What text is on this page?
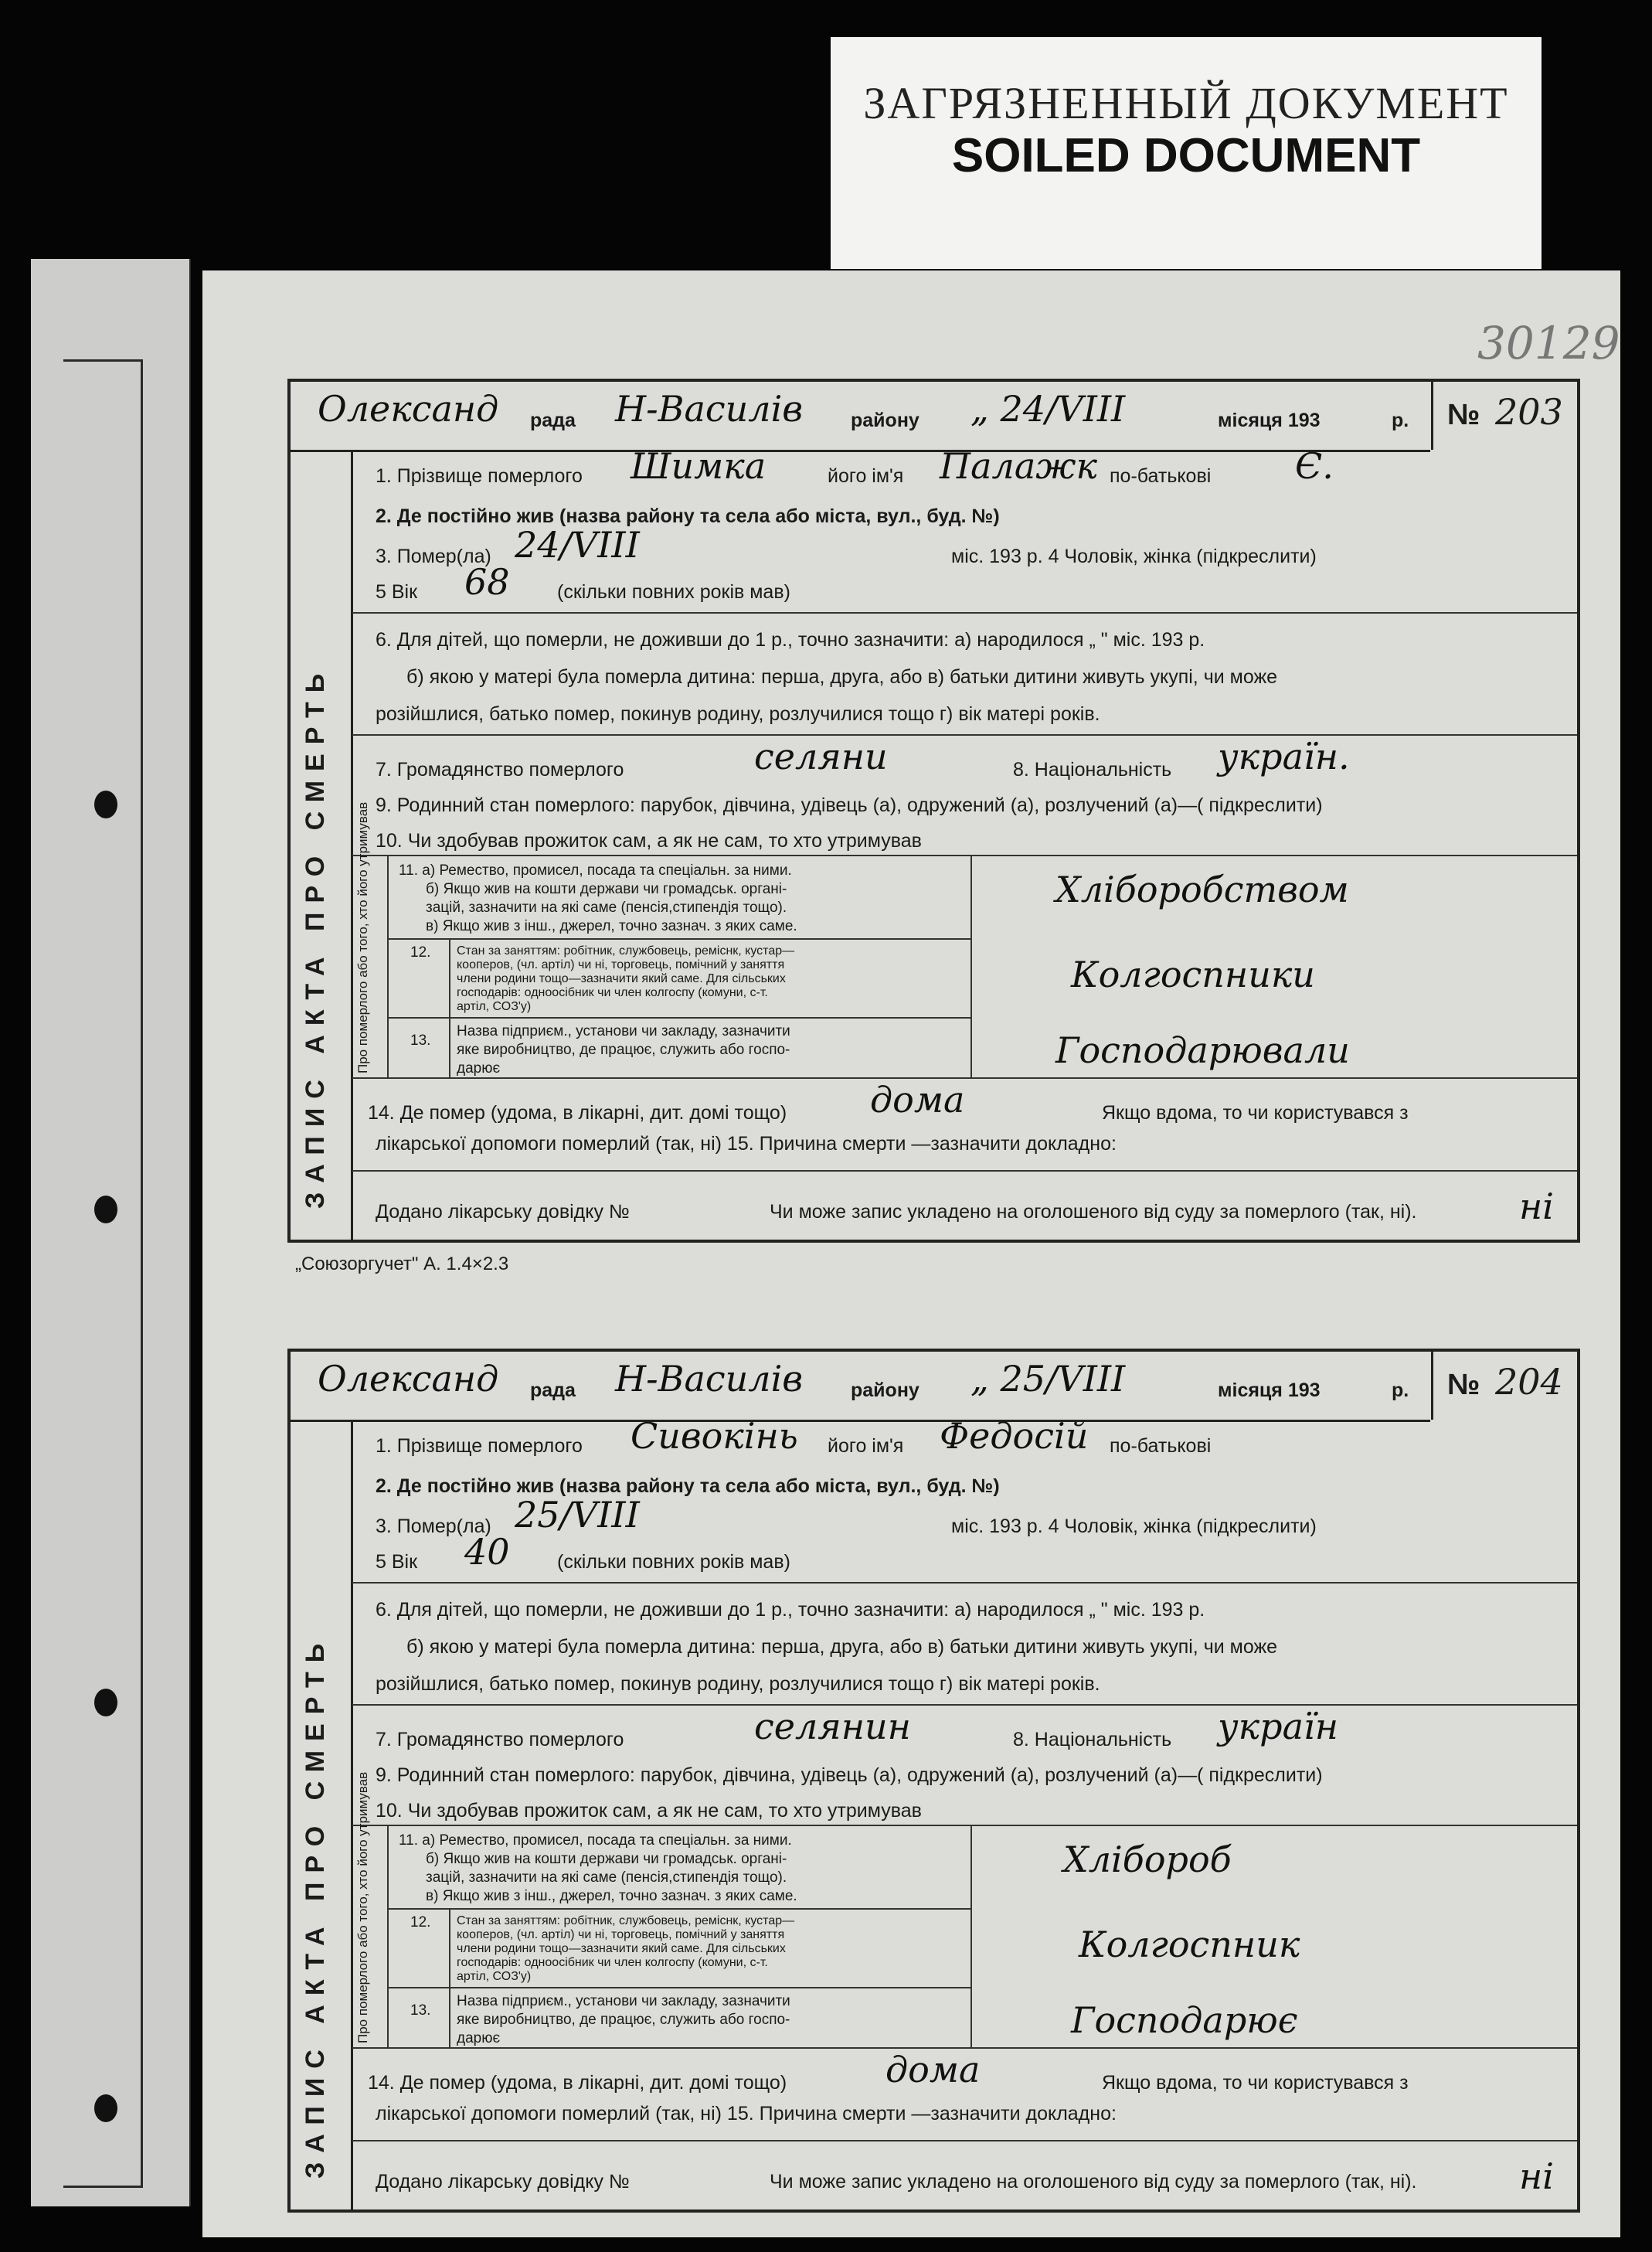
ЗАГРЯЗНЕННЫЙ ДОКУМЕНТ
SOILED DOCUMENT
30129
Олександ рада Н-Василів району „ 24/VIII	місяця 193	р. № 203
ЗАПИС АКТА ПРО СМЕРТЬ
1. Прізвище померлого Шимка	його ім'я Палажк по-батькові Є.
2. Де постійно жив (назва району та села або міста, вул., буд. №)
3. Помер(ла) 24/VIII	міс. 193 р. 4 Чоловік, жінка (підкреслити)
5 Вік 68 (скільки повних років мав)
6. Для дітей, що померли, не доживши до 1 р., точно зазначити: а) народилося „ " міс. 193 р.
б) якою у матері була померла дитина: перша, друга, або в) батьки дитини живуть укупі, чи може
розійшлися, батько помер, покинув родину, розлучилися тощо г) вік матері років.
7. Громадянство померлого	селяни	8. Національність україн.
9. Родинний стан померлого: парубок, дівчина, удівець (а), одружений (а), розлучений (а)—( підкреслити)
10. Чи здобував прожиток сам, а як не сам, то хто утримував
Про померлого або того, хто його утримував 11. а) Ремество, промисел, посада та спеціальн. за ними.
б) Якщо жив на кошти держави чи громадськ. органі-
зацій, зазначити на які саме (пенсія,стипендія тощо).
в) Якщо жив з інш., джерел, точно зазнач. з яких саме.
Хліборобством
12. Стан за заняттям: робітник, службовець, реміснк, кустар—
кооперов, (чл. артіл) чи ні, торговець, помічний у заняття
члени родини тощо—зазначити який саме. Для сільських
господарів: одноосібник чи член колгоспу (комуни, с-т.
артіл, СОЗ'у)
Колгоспники
13.
Назва підприєм., установи чи закладу, зазначити
яке виробництво, де працює, служить або госпо-
дарює	Господарювали
14. Де помер (удома, в лікарні, дит. домі тощо) дома	Якщо вдома, то чи користувався з
лікарської допомоги померлий (так, ні) 15. Причина смерти —зазначити докладно:
Додано лікарську довідку №	Чи може запис укладено на оголошеного від суду за померлого (так, ні).	ні
„Союзоргучет" А. 1.4×2.3
Олександ рада Н-Василів району „ 25/VIII	місяця 193	р. № 204
ЗАПИС АКТА ПРО СМЕРТЬ
1. Прізвище померлого Сивокінь його ім'я Федосій по-батькові
2. Де постійно жив (назва району та села або міста, вул., буд. №)
3. Помер(ла) 25/VIII	міс. 193 р. 4 Чоловік, жінка (підкреслити)
5 Вік 40 (скільки повних років мав)
6. Для дітей, що померли, не доживши до 1 р., точно зазначити: а) народилося „ " міс. 193 р.
б) якою у матері була померла дитина: перша, друга, або в) батьки дитини живуть укупі, чи може
розійшлися, батько помер, покинув родину, розлучилися тощо г) вік матері років.
7. Громадянство померлого	селянин	8. Національність україн
9. Родинний стан померлого: парубок, дівчина, удівець (а), одружений (а), розлучений (а)—( підкреслити)
10. Чи здобував прожиток сам, а як не сам, то хто утримував
Про померлого або того, хто його утримував 11. а) Ремество, промисел, посада та спеціальн. за ними.
б) Якщо жив на кошти держави чи громадськ. органі-
зацій, зазначити на які саме (пенсія,стипендія тощо).
в) Якщо жив з інш., джерел, точно зазнач. з яких саме.
Хлібороб
12. Стан за заняттям: робітник, службовець, реміснк, кустар—
кооперов, (чл. артіл) чи ні, торговець, помічний у заняття
члени родини тощо—зазначити який саме. Для сільських
господарів: одноосібник чи член колгоспу (комуни, с-т.
артіл, СОЗ'у)
Колгоспник
13.
Назва підприєм., установи чи закладу, зазначити
яке виробництво, де працює, служить або госпо-
дарює	Господарює
14. Де помер (удома, в лікарні, дит. домі тощо)	дома	Якщо вдома, то чи користувався з
лікарської допомоги померлий (так, ні) 15. Причина смерти —зазначити докладно:
Додано лікарську довідку №	Чи може запис укладено на оголошеного від суду за померлого (так, ні).	ні
